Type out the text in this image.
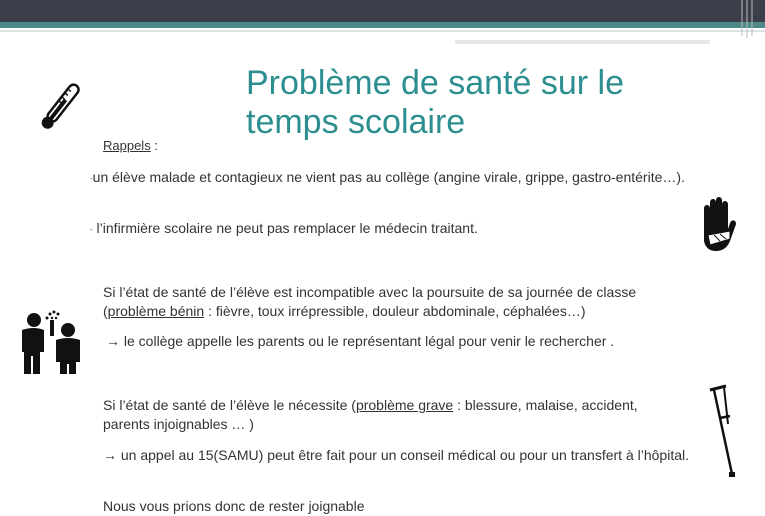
Problème de santé sur le temps scolaire
Rappels :
-un élève malade et contagieux ne vient pas au collège (angine virale, grippe, gastro-entérite…).
- l’infirmière scolaire ne peut pas remplacer le médecin traitant.
Si l’état de santé de l’élève est incompatible avec la poursuite de sa journée de classe
(problème bénin : fièvre, toux irrépressible, douleur abdominale, céphalées…)
→ le collège appelle les parents ou le représentant légal pour venir le rechercher .
Si l’état de santé de l’élève le nécessite (problème grave : blessure, malaise, accident,
parents injoignables … )
→ un appel au 15(SAMU) peut être fait pour un conseil médical ou pour un transfert à l’hôpital.
Nous vous prions donc de rester joignable
